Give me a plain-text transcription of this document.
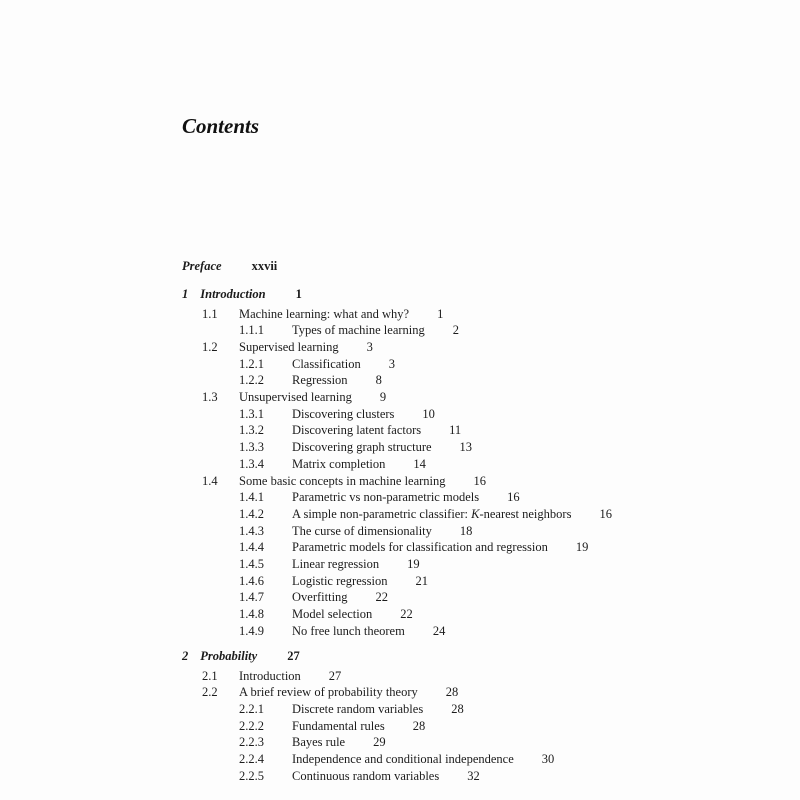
Contents
Preface xxvii
1 Introduction 1
1.1 Machine learning: what and why?	1
1.1.1 Types of machine learning 2
1.2 Supervised learning	3
1.2.1 Classification 3
1.2.2 Regression 8
1.3 Unsupervised learning	9
1.3.1 Discovering clusters 10
1.3.2 Discovering latent factors 11
1.3.3 Discovering graph structure 13
1.3.4 Matrix completion 14
1.4 Some basic concepts in machine learning	16
1.4.1 Parametric vs non-parametric models 16
1.4.2 A simple non-parametric classifier: K-nearest neighbors 16
1.4.3 The curse of dimensionality 18
1.4.4 Parametric models for classification and regression 19
1.4.5 Linear regression 19
1.4.6 Logistic regression 21
1.4.7 Overfitting 22
1.4.8 Model selection 22
1.4.9 No free lunch theorem 24
2 Probability 27
2.1 Introduction	27
2.2 A brief review of probability theory	28
2.2.1 Discrete random variables 28
2.2.2 Fundamental rules 28
2.2.3 Bayes rule 29
2.2.4 Independence and conditional independence 30
2.2.5 Continuous random variables 32
